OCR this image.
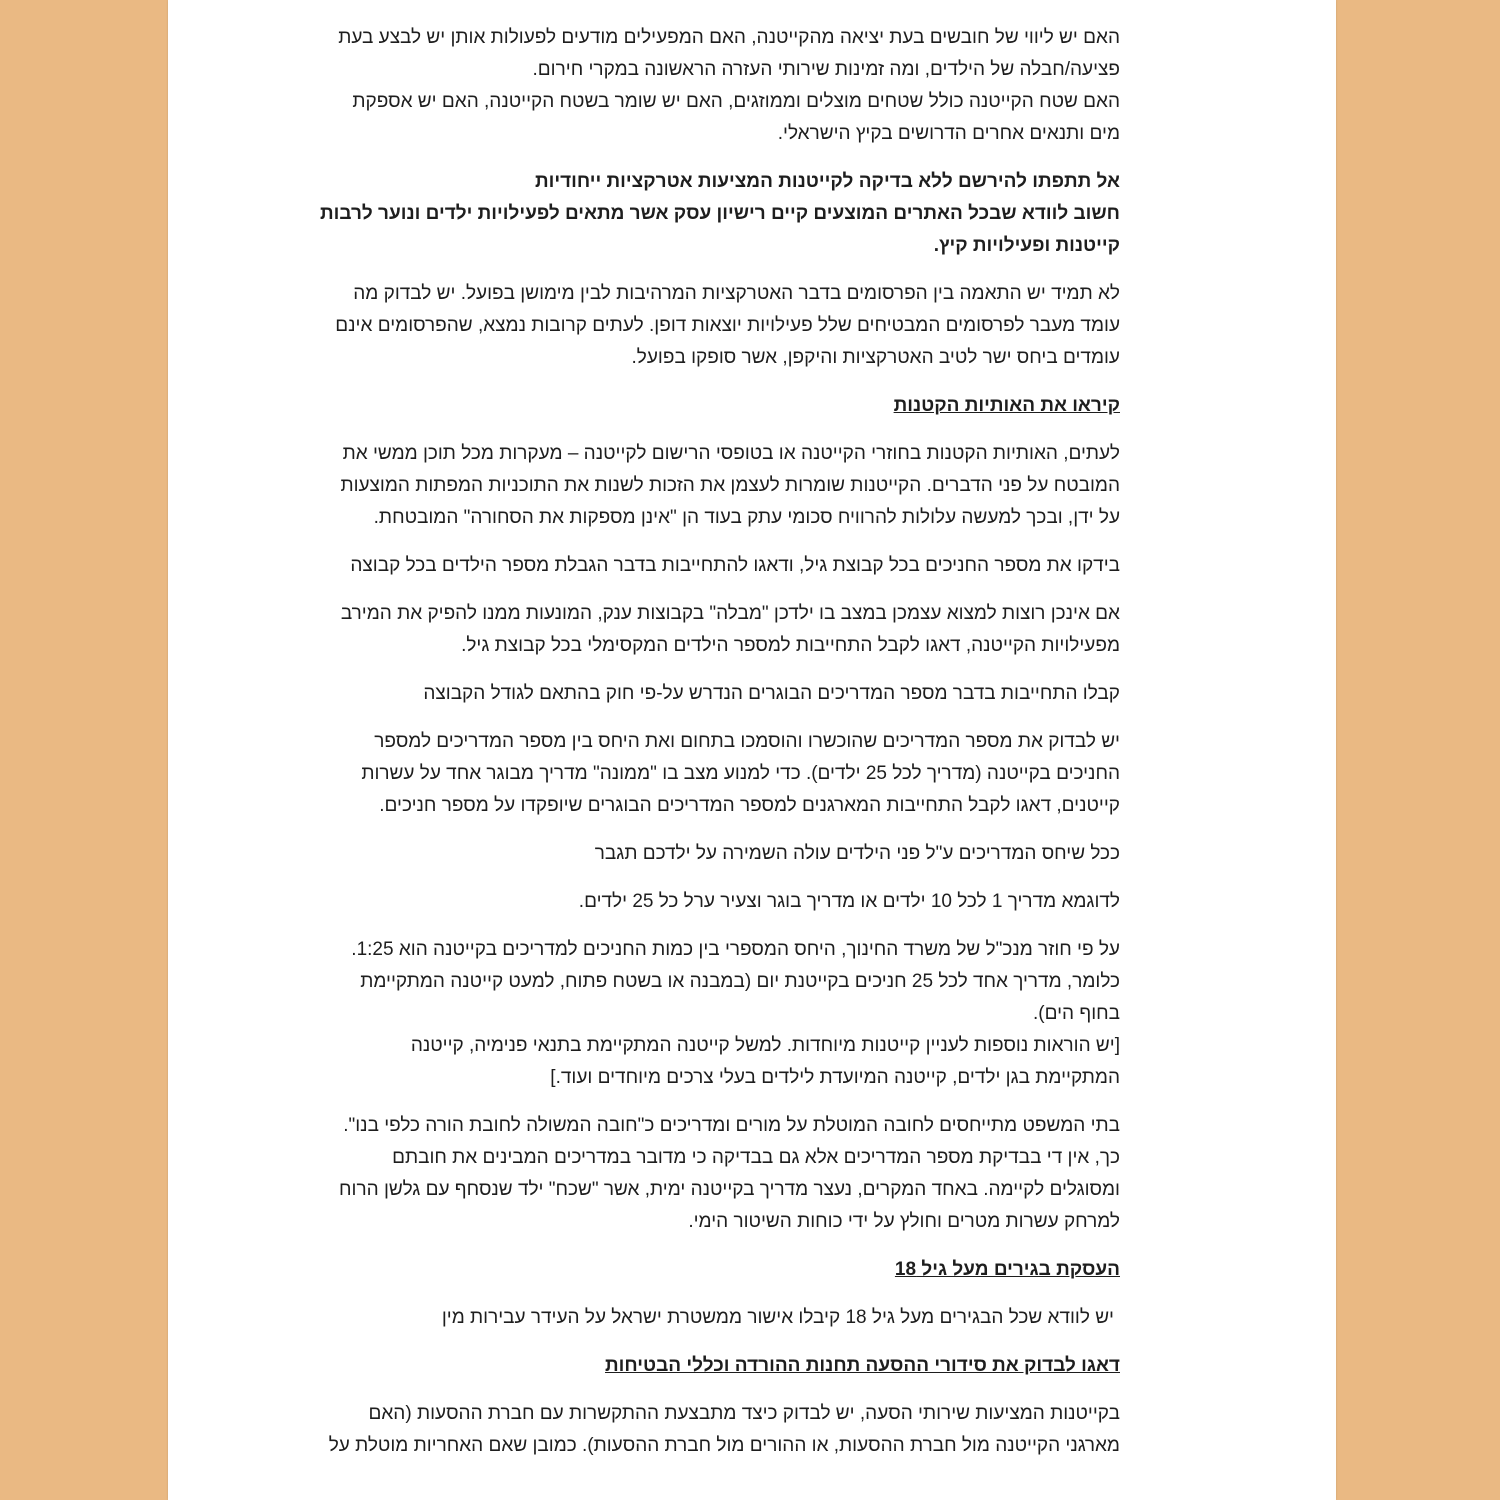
האם יש ליווי של חובשים בעת יציאה מהקייטנה, האם המפעילים מודעים לפעולות אותן יש לבצע בעת
פציעה/חבלה של הילדים, ומה זמינות שירותי העזרה הראשונה במקרי חירום.
האם שטח הקייטנה כולל שטחים מוצלים וממוזגים, האם יש שומר בשטח הקייטנה, האם יש אספקת
מים ותנאים אחרים הדרושים בקיץ הישראלי.

אל תתפתו להירשם ללא בדיקה לקייטנות המציעות אטרקציות ייחודיות
חשוב לוודא שבכל האתרים המוצעים קיים רישיון עסק אשר מתאים לפעילויות ילדים ונוער לרבות
קייטנות ופעילויות קיץ.

לא תמיד יש התאמה בין הפרסומים בדבר האטרקציות המרהיבות לבין מימושן בפועל. יש לבדוק מה
עומד מעבר לפרסומים המבטיחים שלל פעילויות יוצאות דופן. לעתים קרובות נמצא, שהפרסומים אינם
עומדים ביחס ישר לטיב האטרקציות והיקפן, אשר סופקו בפועל.

קיראו את האותיות הקטנות

לעתים, האותיות הקטנות בחוזרי הקייטנה או בטופסי הרישום לקייטנה – מעקרות מכל תוכן ממשי את
המובטח על פני הדברים. הקייטנות שומרות לעצמן את הזכות לשנות את התוכניות המפתות המוצעות
על ידן, ובכך למעשה עלולות להרוויח סכומי עתק בעוד הן "אינן מספקות את הסחורה" המובטחת.

בידקו את מספר החניכים בכל קבוצת גיל, ודאגו להתחייבות בדבר הגבלת מספר הילדים בכל קבוצה

אם אינכן רוצות למצוא עצמכן במצב בו ילדכן "מבלה" בקבוצות ענק, המונעות ממנו להפיק את המירב
מפעילויות הקייטנה, דאגו לקבל התחייבות למספר הילדים המקסימלי בכל קבוצת גיל.

קבלו התחייבות בדבר מספר המדריכים הבוגרים הנדרש על-פי חוק בהתאם לגודל הקבוצה

יש לבדוק את מספר המדריכים שהוכשרו והוסמכו בתחום ואת היחס בין מספר המדריכים למספר
החניכים בקייטנה (מדריך לכל 25 ילדים). כדי למנוע מצב בו "ממונה" מדריך מבוגר אחד על עשרות
קייטנים, דאגו לקבל התחייבות המארגנים למספר המדריכים הבוגרים שיופקדו על מספר חניכים.

ככל שיחס המדריכים ע"ל פני הילדים עולה השמירה על ילדכם תגבר

לדוגמא מדריך 1 לכל 10 ילדים או מדריך בוגר וצעיר ערל כל 25 ילדים.

על פי חוזר מנכ"ל של משרד החינוך, היחס המספרי בין כמות החניכים למדריכים בקייטנה הוא 1:25.
כלומר, מדריך אחד לכל 25 חניכים בקייטנת יום (במבנה או בשטח פתוח, למעט קייטנה המתקיימת
בחוף הים).
[יש הוראות נוספות לעניין קייטנות מיוחדות. למשל קייטנה המתקיימת בתנאי פנימיה, קייטנה
המתקיימת בגן ילדים, קייטנה המיועדת לילדים בעלי צרכים מיוחדים ועוד.]

בתי המשפט מתייחסים לחובה המוטלת על מורים ומדריכים כ"חובה המשולה לחובת הורה כלפי בנו".
כך, אין די בבדיקת מספר המדריכים אלא גם בבדיקה כי מדובר במדריכים המבינים את חובתם
ומסוגלים לקיימה. באחד המקרים, נעצר מדריך בקייטנה ימית, אשר "שכח" ילד שנסחף עם גלשן הרוח
למרחק עשרות מטרים וחולץ על ידי כוחות השיטור הימי.

העסקת בגירים מעל גיל 18

יש לוודא שכל הבגירים מעל גיל 18 קיבלו אישור ממשטרת ישראל על העידר עבירות מין

דאגו לבדוק את סידורי ההסעה תחנות ההורדה וכללי הבטיחות

בקייטנות המציעות שירותי הסעה, יש לבדוק כיצד מתבצעת ההתקשרות עם חברת ההסעות (האם
מארגני הקייטנה מול חברת ההסעות, או ההורים מול חברת ההסעות). כמובן שאם האחריות מוטלת על
